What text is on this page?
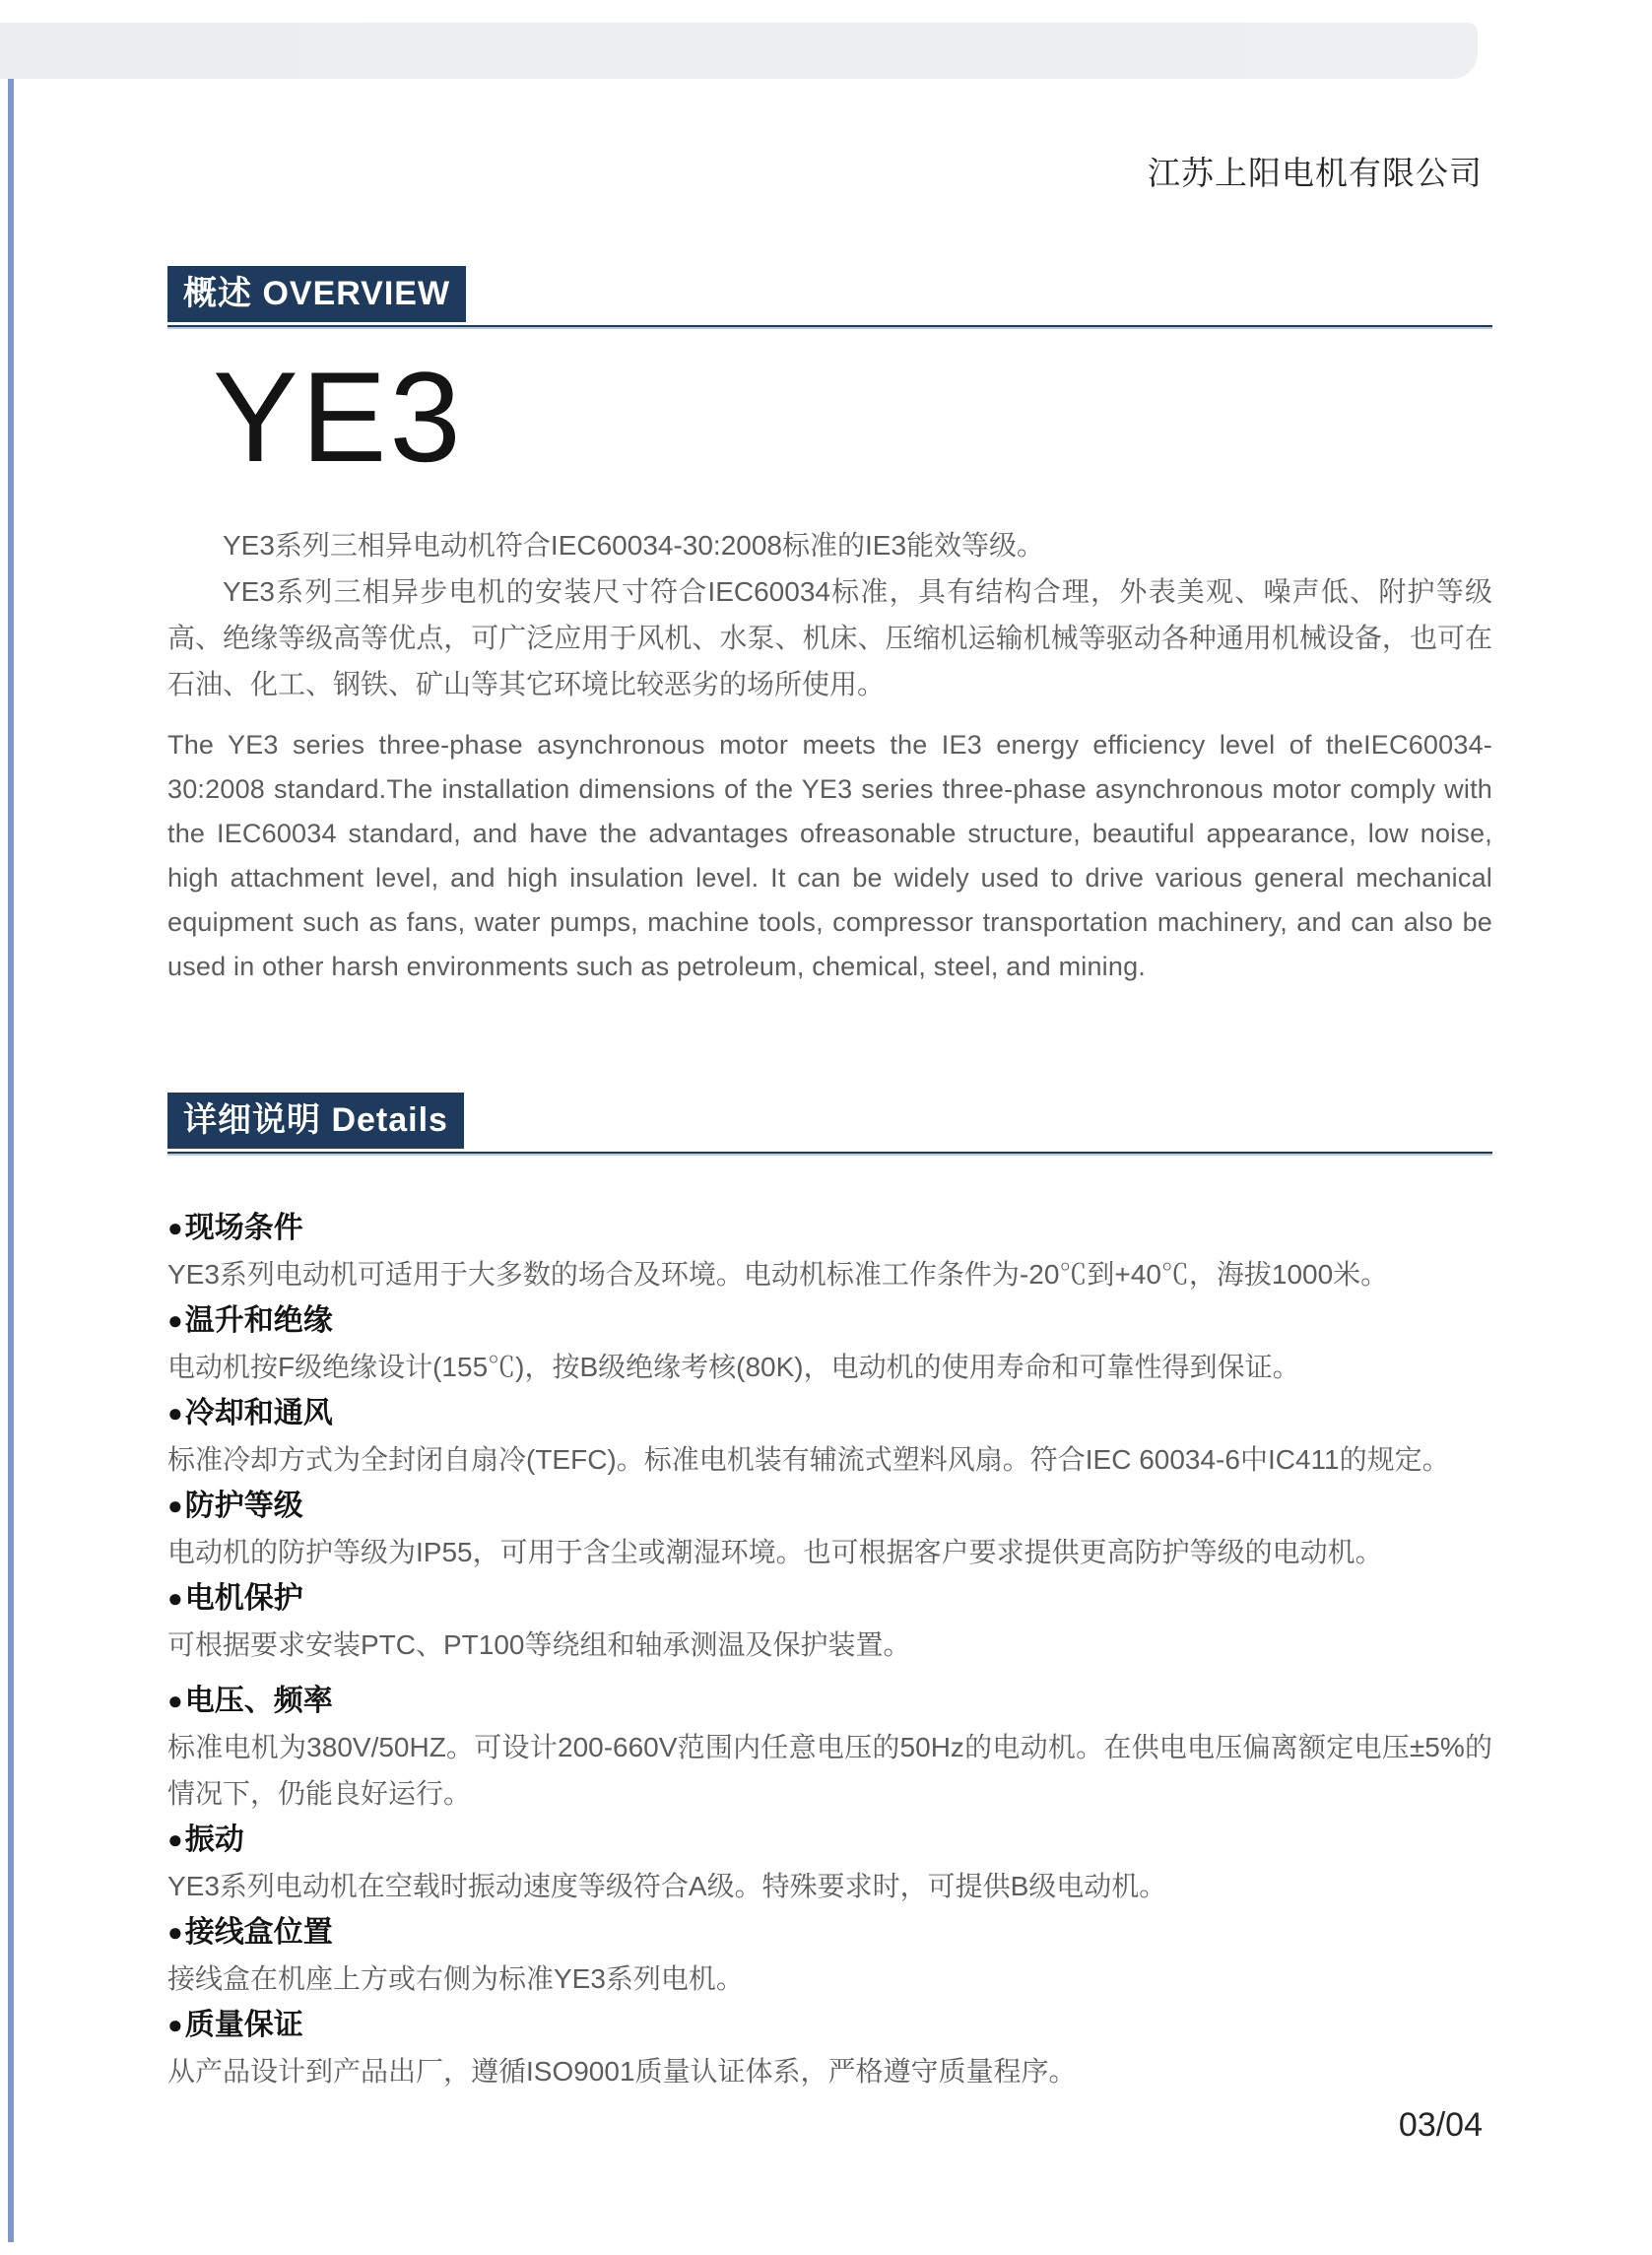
江苏上阳电机有限公司
概述 OVERVIEW
YE3

YE3系列三相异电动机符合IEC60034-30:2008标准的IE3能效等级。

YE3系列三相异步电机的安装尺寸符合IEC60034标准，具有结构合理，外表美观、噪声低、附护等级高、绝缘等级高等优点，可广泛应用于风机、水泵、机床、压缩机运输机械等驱动各种通用机械设备，也可在石油、化工、钢铁、矿山等其它环境比较恶劣的场所使用。

The YE3 series three-phase asynchronous motor meets the IE3 energy efficiency level of theIEC60034-30:2008 standard.The installation dimensions of the YE3 series three-phase asynchronous motor comply with the IEC60034 standard, and have the advantages ofreasonable structure, beautiful appearance, low noise, high attachment level, and high insulation level. It can be widely used to drive various general mechanical equipment such as fans, water pumps, machine tools, compressor transportation machinery, and can also be used in other harsh environments such as petroleum, chemical, steel, and mining.
详细说明 Details
●现场条件
YE3系列电动机可适用于大多数的场合及环境。电动机标准工作条件为-20℃到+40℃，海拔1000米。
●温升和绝缘
电动机按F级绝缘设计(155℃)，按B级绝缘考核(80K)，电动机的使用寿命和可靠性得到保证。
●冷却和通风
标准冷却方式为全封闭自扇冷(TEFC)。标准电机装有辅流式塑料风扇。符合IEC 60034-6中IC411的规定。
●防护等级
电动机的防护等级为IP55，可用于含尘或潮湿环境。也可根据客户要求提供更高防护等级的电动机。
●电机保护
可根据要求安装PTC、PT100等绕组和轴承测温及保护装置。
●电压、频率
标准电机为380V/50HZ。可设计200-660V范围内任意电压的50Hz的电动机。在供电电压偏离额定电压±5%的情况下，仍能良好运行。
●振动
YE3系列电动机在空载时振动速度等级符合A级。特殊要求时，可提供B级电动机。
●接线盒位置
接线盒在机座上方或右侧为标准YE3系列电机。
●质量保证
从产品设计到产品出厂，遵循ISO9001质量认证体系，严格遵守质量程序。
03/04
